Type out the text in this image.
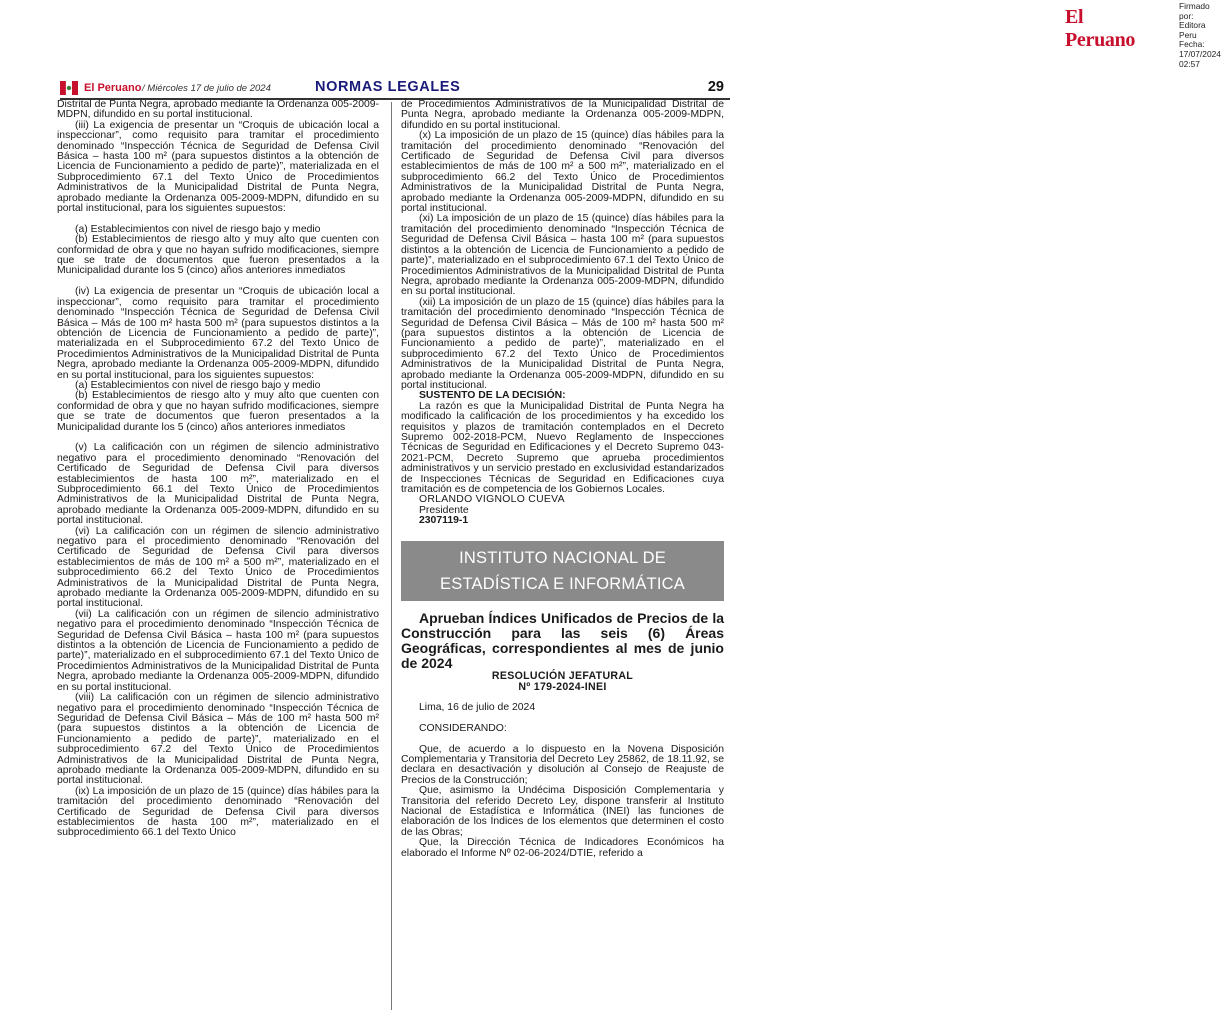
El Peruano
Firmado por: Editora
Peru
Fecha: 17/07/2024 02:57
El Peruano / Miércoles 17 de julio de 2024	NORMAS LEGALES	29

Distrital de Punta Negra, aprobado mediante la Ordenanza 005-2009-MDPN, difundido en su portal institucional.

(iii) La exigencia de presentar un “Croquis de ubicación local a inspeccionar”, como requisito para tramitar el procedimiento denominado “Inspección Técnica de Seguridad de Defensa Civil Básica – hasta 100 m² (para supuestos distintos a la obtención de Licencia de Funcionamiento a pedido de parte)”, materializada en el Subprocedimiento 67.1 del Texto Único de Procedimientos Administrativos de la Municipalidad Distrital de Punta Negra, aprobado mediante la Ordenanza 005-2009-MDPN, difundido en su portal institucional, para los siguientes supuestos:

(a) Establecimientos con nivel de riesgo bajo y medio

(b) Establecimientos de riesgo alto y muy alto que cuenten con conformidad de obra y que no hayan sufrido modificaciones, siempre que se trate de documentos que fueron presentados a la Municipalidad durante los 5 (cinco) años anteriores inmediatos

(iv) La exigencia de presentar un “Croquis de ubicación local a inspeccionar”, como requisito para tramitar el procedimiento denominado “Inspección Técnica de Seguridad de Defensa Civil Básica – Más de 100 m² hasta 500 m² (para supuestos distintos a la obtención de Licencia de Funcionamiento a pedido de parte)”, materializada en el Subprocedimiento 67.2 del Texto Único de Procedimientos Administrativos de la Municipalidad Distrital de Punta Negra, aprobado mediante la Ordenanza 005-2009-MDPN, difundido en su portal institucional, para los siguientes supuestos:

(a) Establecimientos con nivel de riesgo bajo y medio

(b) Establecimientos de riesgo alto y muy alto que cuenten con conformidad de obra y que no hayan sufrido modificaciones, siempre que se trate de documentos que fueron presentados a la Municipalidad durante los 5 (cinco) años anteriores inmediatos

(v) La calificación con un régimen de silencio administrativo negativo para el procedimiento denominado “Renovación del Certificado de Seguridad de Defensa Civil para diversos establecimientos de hasta 100 m²”, materializado en el Subprocedimiento 66.1 del Texto Único de Procedimientos Administrativos de la Municipalidad Distrital de Punta Negra, aprobado mediante la Ordenanza 005-2009-MDPN, difundido en su portal institucional.

(vi) La calificación con un régimen de silencio administrativo negativo para el procedimiento denominado “Renovación del Certificado de Seguridad de Defensa Civil para diversos establecimientos de más de 100 m² a 500 m²”, materializado en el subprocedimiento 66.2 del Texto Único de Procedimientos Administrativos de la Municipalidad Distrital de Punta Negra, aprobado mediante la Ordenanza 005-2009-MDPN, difundido en su portal institucional.

(vii) La calificación con un régimen de silencio administrativo negativo para el procedimiento denominado “Inspección Técnica de Seguridad de Defensa Civil Básica – hasta 100 m² (para supuestos distintos a la obtención de Licencia de Funcionamiento a pedido de parte)”, materializado en el subprocedimiento 67.1 del Texto Único de Procedimientos Administrativos de la Municipalidad Distrital de Punta Negra, aprobado mediante la Ordenanza 005-2009-MDPN, difundido en su portal institucional.

(viii) La calificación con un régimen de silencio administrativo negativo para el procedimiento denominado “Inspección Técnica de Seguridad de Defensa Civil Básica – Más de 100 m² hasta 500 m² (para supuestos distintos a la obtención de Licencia de Funcionamiento a pedido de parte)”, materializado en el subprocedimiento 67.2 del Texto Único de Procedimientos Administrativos de la Municipalidad Distrital de Punta Negra, aprobado mediante la Ordenanza 005-2009-MDPN, difundido en su portal institucional.

(ix) La imposición de un plazo de 15 (quince) días hábiles para la tramitación del procedimiento denominado “Renovación del Certificado de Seguridad de Defensa Civil para diversos establecimientos de hasta 100 m²”, materializado en el subprocedimiento 66.1 del Texto Único

de Procedimientos Administrativos de la Municipalidad Distrital de Punta Negra, aprobado mediante la Ordenanza 005-2009-MDPN, difundido en su portal institucional.

(x) La imposición de un plazo de 15 (quince) días hábiles para la tramitación del procedimiento denominado “Renovación del Certificado de Seguridad de Defensa Civil para diversos establecimientos de más de 100 m² a 500 m²”, materializado en el subprocedimiento 66.2 del Texto Único de Procedimientos Administrativos de la Municipalidad Distrital de Punta Negra, aprobado mediante la Ordenanza 005-2009-MDPN, difundido en su portal institucional.

(xi) La imposición de un plazo de 15 (quince) días hábiles para la tramitación del procedimiento denominado “Inspección Técnica de Seguridad de Defensa Civil Básica – hasta 100 m² (para supuestos distintos a la obtención de Licencia de Funcionamiento a pedido de parte)”, materializado en el subprocedimiento 67.1 del Texto Único de Procedimientos Administrativos de la Municipalidad Distrital de Punta Negra, aprobado mediante la Ordenanza 005-2009-MDPN, difundido en su portal institucional.

(xii) La imposición de un plazo de 15 (quince) días hábiles para la tramitación del procedimiento denominado “Inspección Técnica de Seguridad de Defensa Civil Básica – Más de 100 m² hasta 500 m² (para supuestos distintos a la obtención de Licencia de Funcionamiento a pedido de parte)”, materializado en el subprocedimiento 67.2 del Texto Único de Procedimientos Administrativos de la Municipalidad Distrital de Punta Negra, aprobado mediante la Ordenanza 005-2009-MDPN, difundido en su portal institucional.

SUSTENTO DE LA DECISIÓN:

La razón es que la Municipalidad Distrital de Punta Negra ha modificado la calificación de los procedimientos y ha excedido los requisitos y plazos de tramitación contemplados en el Decreto Supremo 002-2018-PCM, Nuevo Reglamento de Inspecciones Técnicas de Seguridad en Edificaciones y el Decreto Supremo 043-2021-PCM, Decreto Supremo que aprueba procedimientos administrativos y un servicio prestado en exclusividad estandarizados de Inspecciones Técnicas de Seguridad en Edificaciones cuya tramitación es de competencia de los Gobiernos Locales.

ORLANDO VIGNOLO CUEVA

Presidente

2307119-1

INSTITUTO NACIONAL DE
ESTADÍSTICA E INFORMÁTICA

Aprueban Índices Unificados de Precios de la Construcción para las seis (6) Áreas Geográficas, correspondientes al mes de junio de 2024

RESOLUCIÓN JEFATURAL
Nº 179-2024-INEI

Lima, 16 de julio de 2024

CONSIDERANDO:

Que, de acuerdo a lo dispuesto en la Novena Disposición Complementaria y Transitoria del Decreto Ley 25862, de 18.11.92, se declara en desactivación y disolución al Consejo de Reajuste de Precios de la Construcción;

Que, asimismo la Undécima Disposición Complementaria y Transitoria del referido Decreto Ley, dispone transferir al Instituto Nacional de Estadística e Informática (INEI) las funciones de elaboración de los Índices de los elementos que determinen el costo de las Obras;

Que, la Dirección Técnica de Indicadores Económicos ha elaborado el Informe Nº 02-06-2024/DTIE, referido a
